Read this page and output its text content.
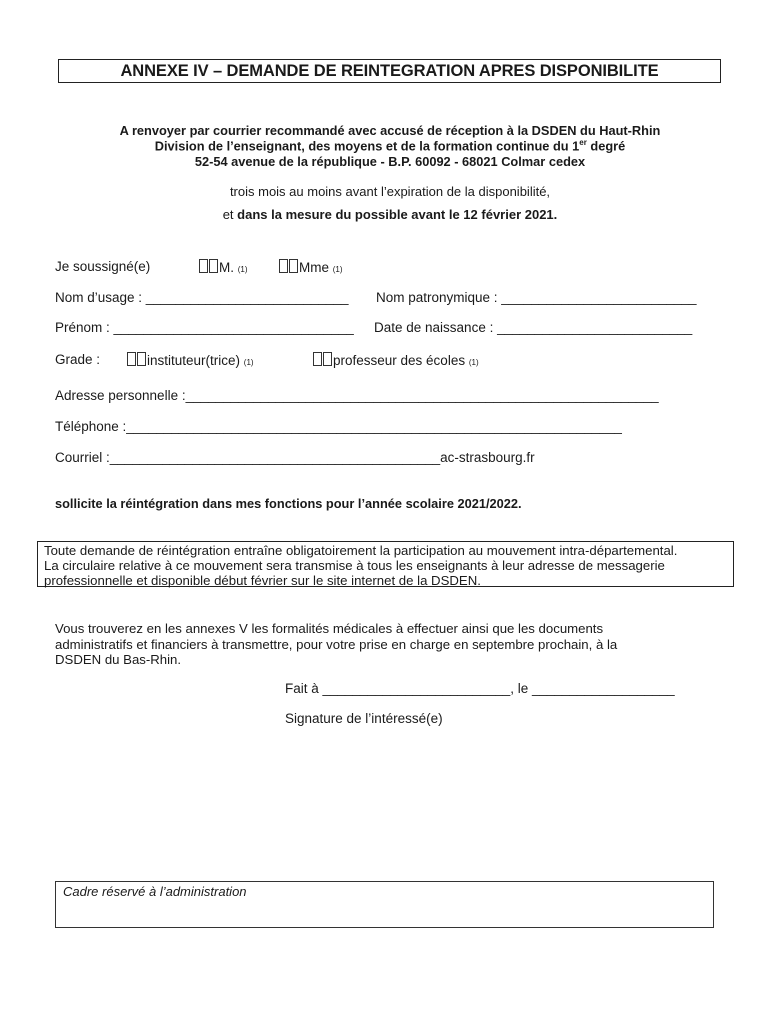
ANNEXE IV – DEMANDE DE REINTEGRATION APRES DISPONIBILITE
A renvoyer par courrier recommandé avec accusé de réception à la DSDEN du Haut-Rhin
Division de l’enseignant, des moyens et de la formation continue du 1er degré
52-54 avenue de la république - B.P. 60092 - 68021 Colmar cedex
trois mois au moins avant l’expiration de la disponibilité,
et dans la mesure du possible avant le 12 février 2021.
Je soussigné(e)	M. (1)	Mme (1)
Nom d’usage : ___________________________ Nom patronymique : __________________________
Prénom : ________________________________ Date de naissance : __________________________
Grade :	instituteur(trice) (1)	professeur des écoles (1)
Adresse personnelle :_______________________________________________________________
Téléphone :__________________________________________________________________
Courriel :____________________________________________ac-strasbourg.fr
sollicite la réintégration dans mes fonctions pour l’année scolaire 2021/2022.
Toute demande de réintégration entraîne obligatoirement la participation au mouvement intra-départemental.
La circulaire relative à ce mouvement sera transmise à tous les enseignants à leur adresse de messagerie
professionnelle et disponible début février sur le site internet de la DSDEN.
Vous trouverez en les annexes V les formalités médicales à effectuer ainsi que les documents
administratifs et financiers à transmettre, pour votre prise en charge en septembre prochain, à la
DSDEN du Bas-Rhin.
Fait à _________________________, le ___________________
Signature de l’intéressé(e)
Cadre réservé à l’administration
